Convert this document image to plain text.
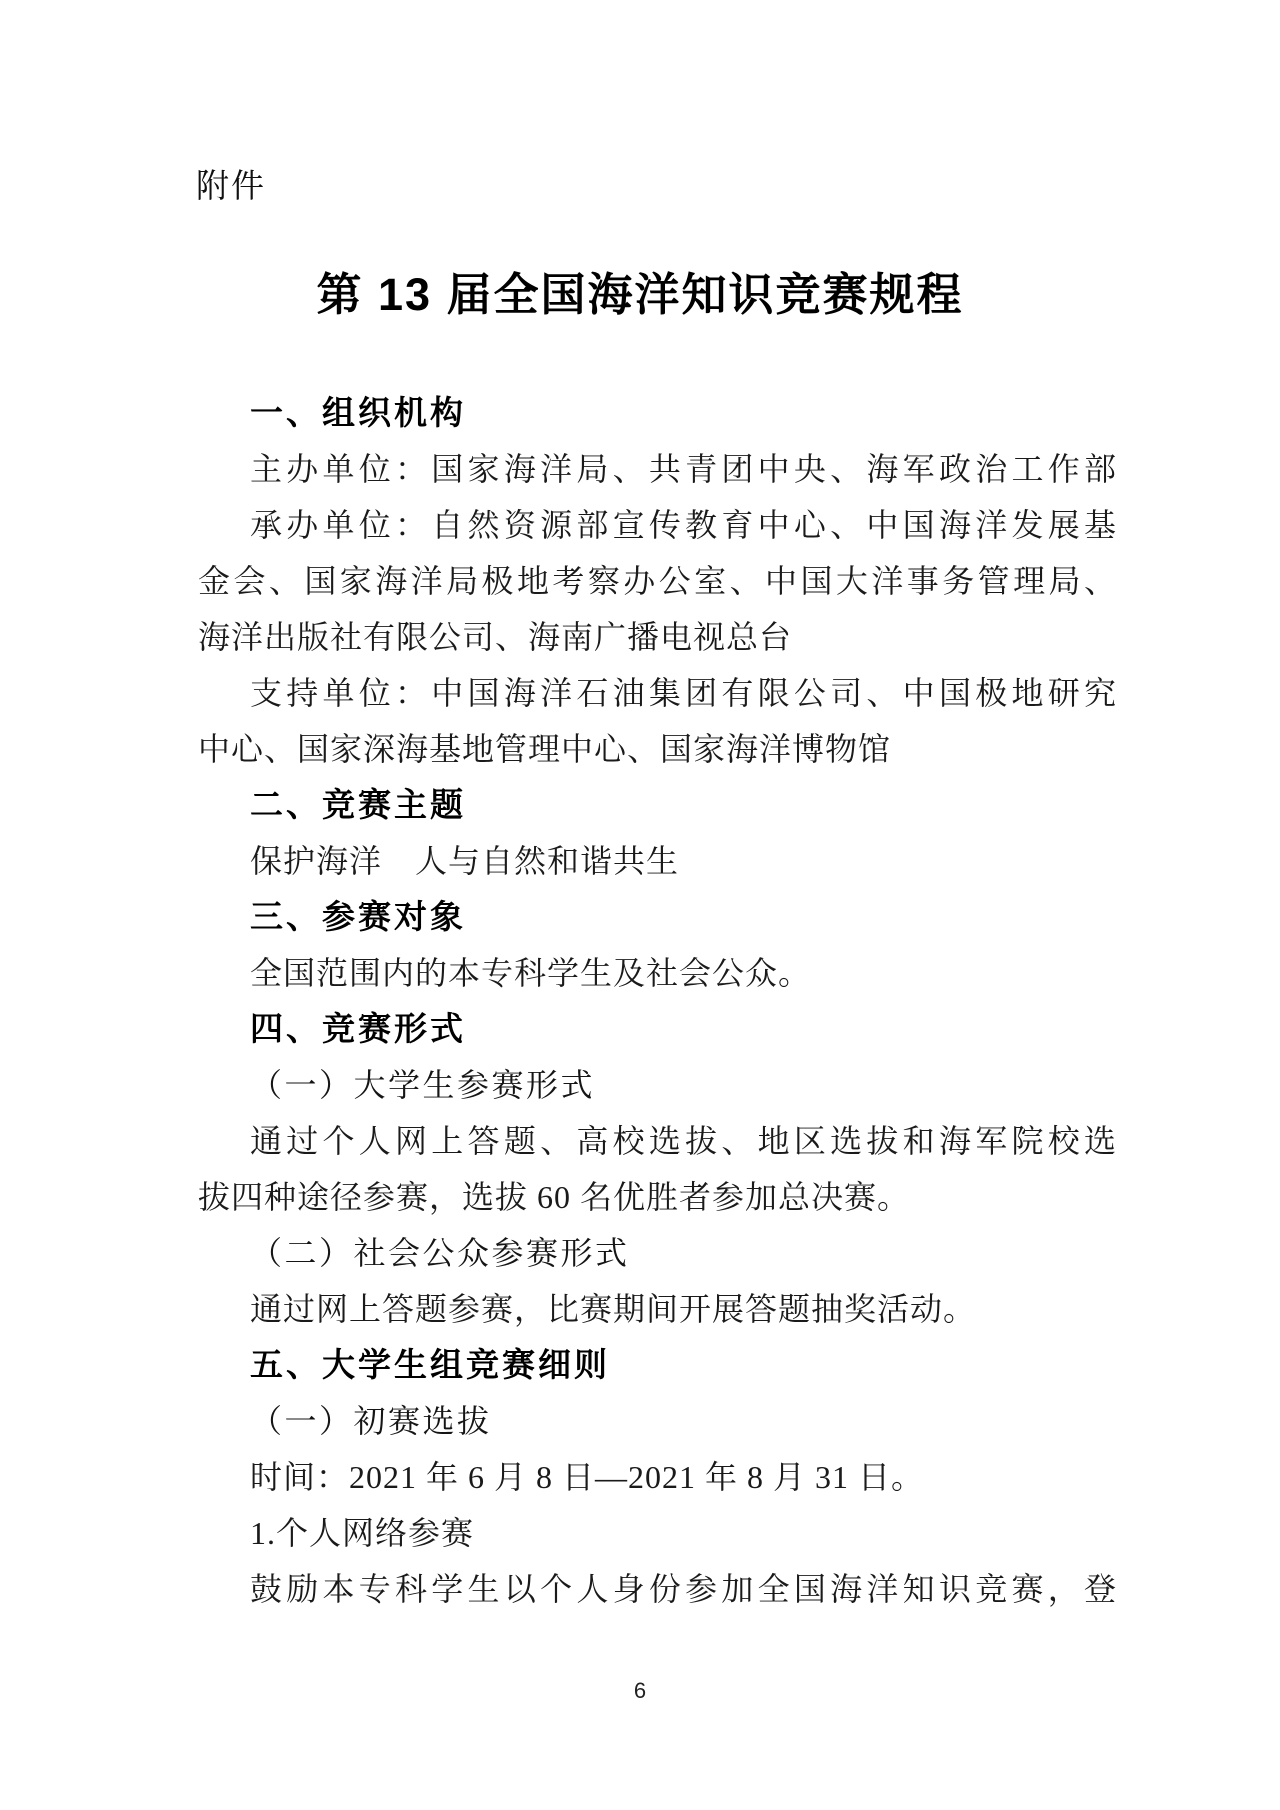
附件
第 13 届全国海洋知识竞赛规程
一、组织机构
主办单位：国家海洋局、共青团中央、海军政治工作部
承办单位：自然资源部宣传教育中心、中国海洋发展基
金会、国家海洋局极地考察办公室、中国大洋事务管理局、
海洋出版社有限公司、海南广播电视总台
支持单位：中国海洋石油集团有限公司、中国极地研究
中心、国家深海基地管理中心、国家海洋博物馆
二、竞赛主题
保护海洋　人与自然和谐共生
三、参赛对象
全国范围内的本专科学生及社会公众。
四、竞赛形式
（一）大学生参赛形式
通过个人网上答题、高校选拔、地区选拔和海军院校选
拔四种途径参赛，选拔 60 名优胜者参加总决赛。
（二）社会公众参赛形式
通过网上答题参赛，比赛期间开展答题抽奖活动。
五、大学生组竞赛细则
（一）初赛选拔
时间：2021 年 6 月 8 日—2021 年 8 月 31 日。
1.个人网络参赛
鼓励本专科学生以个人身份参加全国海洋知识竞赛，登
6
